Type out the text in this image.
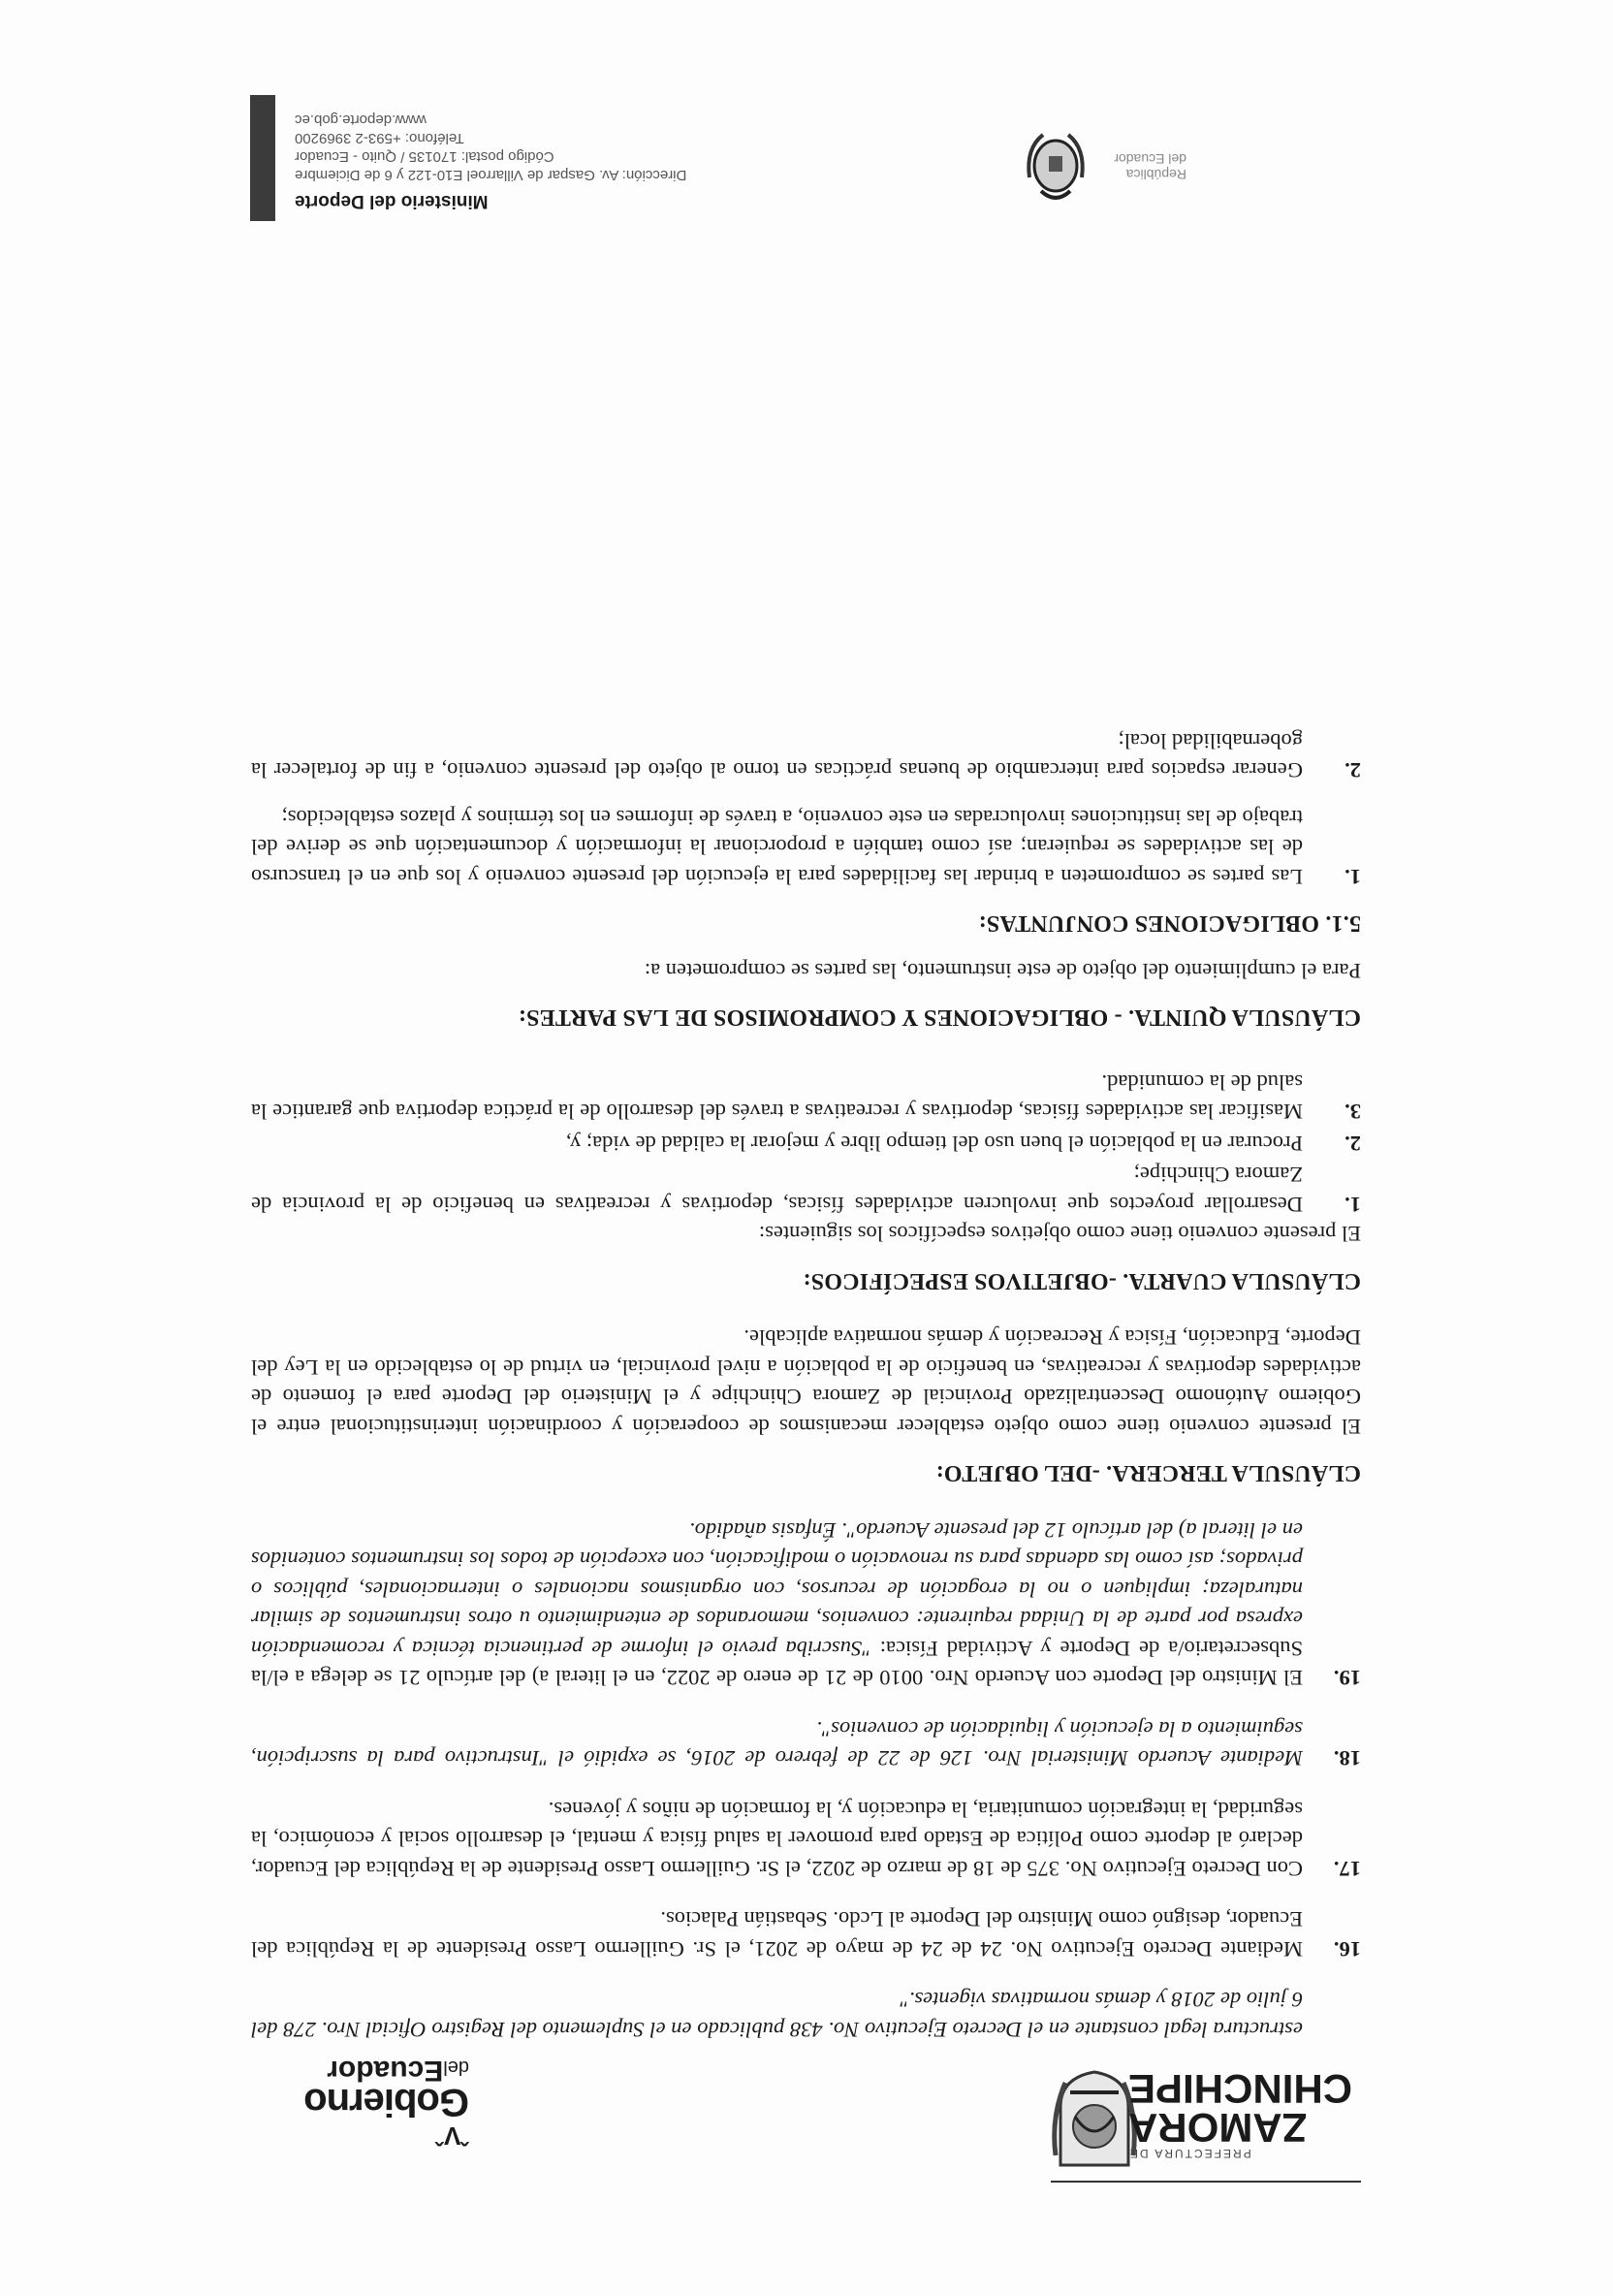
ˆVˆ
Gobierno
delEcuador
PREFECTURA DE
ZAMORA
CHINCHIPE

estructura legal constante en el Decreto Ejecutivo No. 438 publicado en el Suplemento del Registro Oficial Nro. 278 del 6 julio de 2018 y demás normativas vigentes."

16.

Mediante Decreto Ejecutivo No. 24 de 24 de mayo de 2021, el Sr. Guillermo Lasso Presidente de la República del Ecuador, designó como Ministro del Deporte al Lcdo. Sebastián Palacios.

17.

Con Decreto Ejecutivo No. 375 de 18 de marzo de 2022, el Sr. Guillermo Lasso Presidente de la República del Ecuador, declaró al deporte como Política de Estado para promover la salud física y mental, el desarrollo social y económico, la seguridad, la integración comunitaria, la educación y, la formación de niños y jóvenes.

18.

Mediante Acuerdo Ministerial Nro. 126 de 22 de febrero de 2016, se expidió el "Instructivo para la suscripción, seguimiento a la ejecución y liquidación de convenios".

19.

El Ministro del Deporte con Acuerdo Nro. 0010 de 21 de enero de 2022, en el literal a) del artículo 21 se delega a el/la Subsecretario/a de Deporte y Actividad Física: "Suscriba previo el informe de pertinencia técnica y recomendación expresa por parte de la Unidad requirente: convenios, memorandos de entendimiento u otros instrumentos de similar naturaleza; impliquen o no la erogación de recursos, con organismos nacionales o internacionales, públicos o privados; así como las adendas para su renovación o modificación, con excepción de todos los instrumentos contenidos en el literal a) del artículo 12 del presente Acuerdo". Énfasis añadido.

CLÁUSULA TERCERA. -DEL OBJETO:

El presente convenio tiene como objeto establecer mecanismos de cooperación y coordinación interinstitucional entre el Gobierno Autónomo Descentralizado Provincial de Zamora Chinchipe y el Ministerio del Deporte para el fomento de actividades deportivas y recreativas, en beneficio de la población a nivel provincial, en virtud de lo establecido en la Ley del Deporte, Educación, Física y Recreación y demás normativa aplicable.

CLÁUSULA CUARTA. -OBJETIVOS ESPECÍFICOS:

El presente convenio tiene como objetivos específicos los siguientes:

1.

Desarrollar proyectos que involucren actividades físicas, deportivas y recreativas en beneficio de la provincia de Zamora Chinchipe;

2.

Procurar en la población el buen uso del tiempo libre y mejorar la calidad de vida; y,

3.

Masificar las actividades físicas, deportivas y recreativas a través del desarrollo de la práctica deportiva que garantice la salud de la comunidad.

CLÁUSULA QUINTA. - OBLIGACIONES Y COMPROMISOS DE LAS PARTES:

Para el cumplimiento del objeto de este instrumento, las partes se comprometen a:

5.1. OBLIGACIONES CONJUNTAS:
1.

Las partes se comprometen a brindar las facilidades para la ejecución del presente convenio y los que en el transcurso de las actividades se requieran; así como también a proporcionar la información y documentación que se derive del trabajo de las instituciones involucradas en este convenio, a través de informes en los términos y plazos establecidos;

2.

Generar espacios para intercambio de buenas prácticas en torno al objeto del presente convenio, a fin de fortalecer la gobernabilidad local;

Ministerio del Deporte
Dirección: Av. Gaspar de Villarroel E10-122 y 6 de Diciembre
Código postal: 170135 / Quito - Ecuador
Teléfono: +593-2 3969200
www.deporte.gob.ec
República
del Ecuador
